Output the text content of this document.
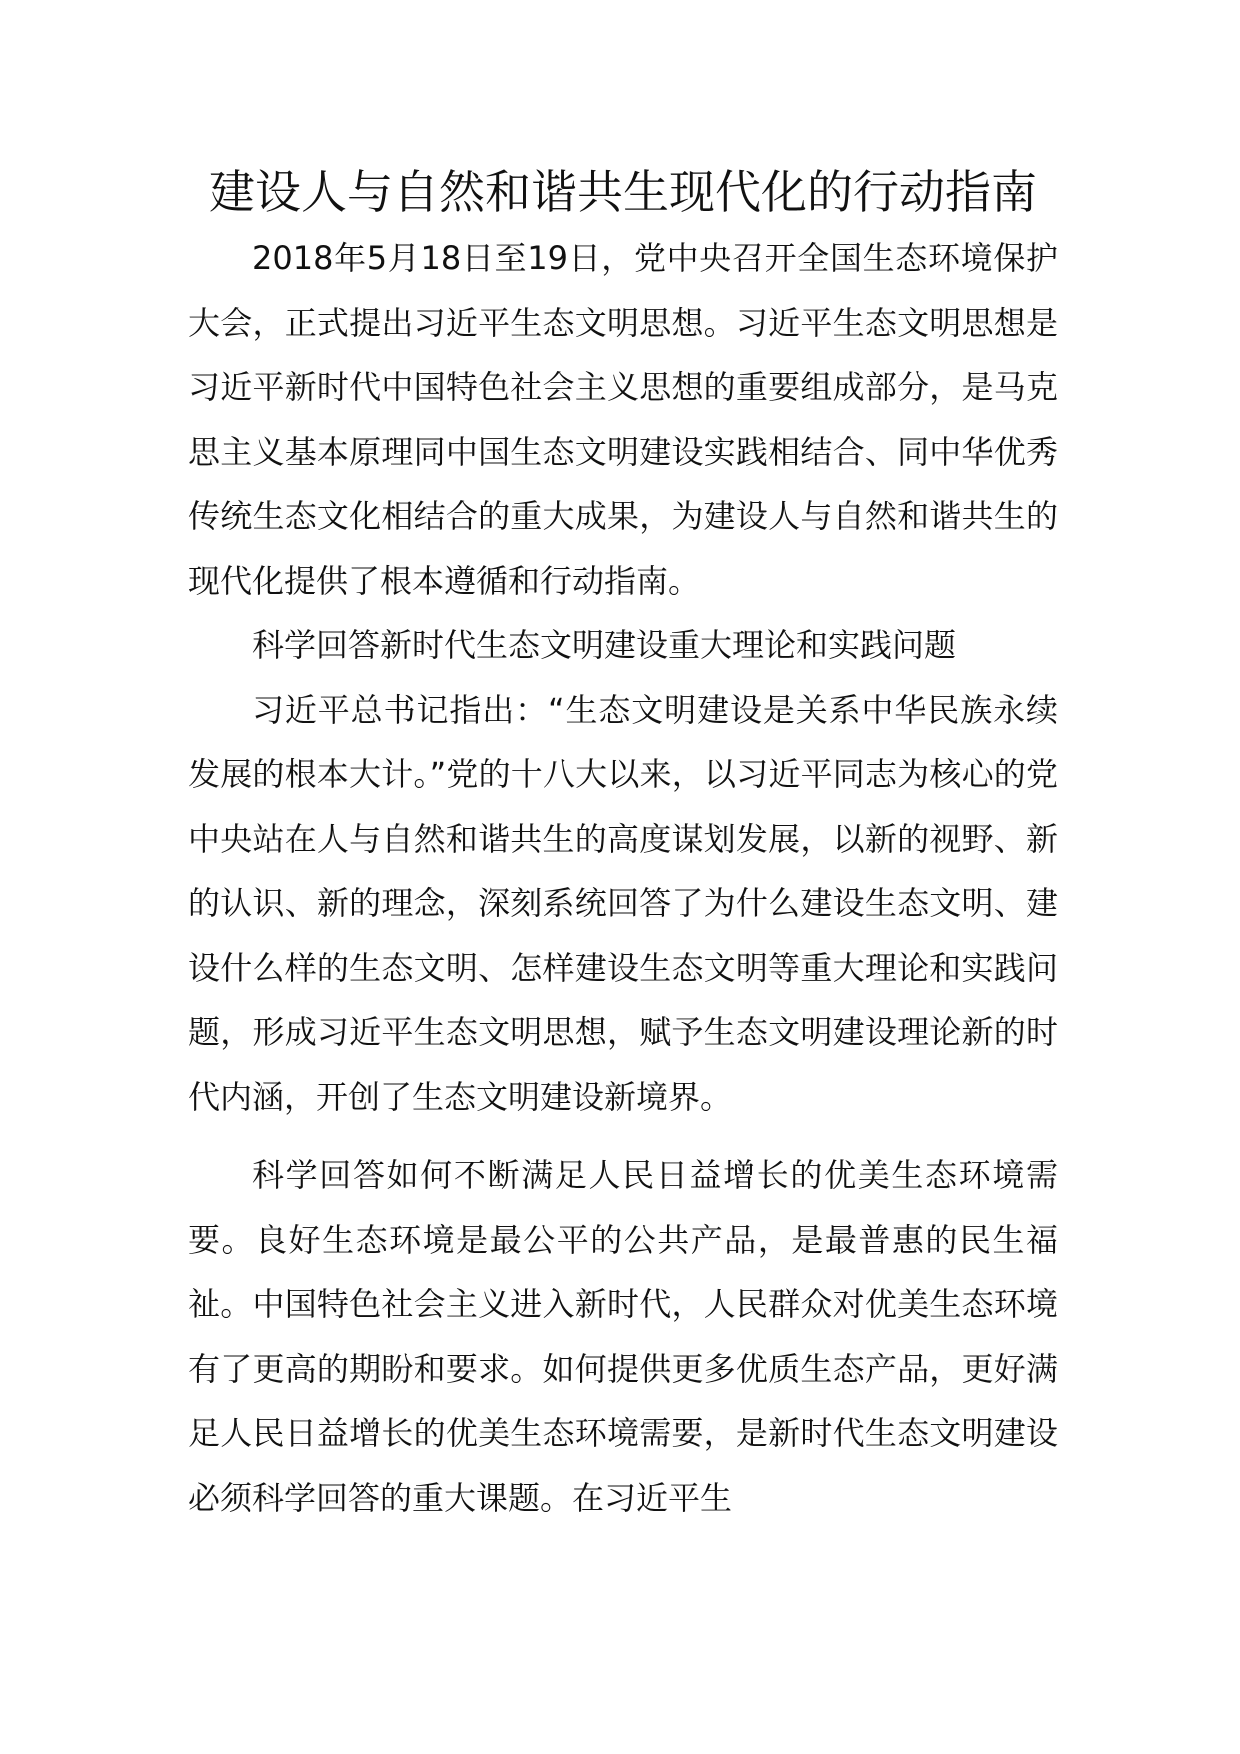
建设人与自然和谐共生现代化的行动指南

2018年5月18日至19日，党中央召开全国生态环境保护大会，正式提出习近平生态文明思想。习近平生态文明思想是习近平新时代中国特色社会主义思想的重要组成部分，是马克思主义基本原理同中国生态文明建设实践相结合、同中华优秀传统生态文化相结合的重大成果，为建设人与自然和谐共生的现代化提供了根本遵循和行动指南。

科学回答新时代生态文明建设重大理论和实践问题

习近平总书记指出：“生态文明建设是关系中华民族永续发展的根本大计。”党的十八大以来，以习近平同志为核心的党中央站在人与自然和谐共生的高度谋划发展，以新的视野、新的认识、新的理念，深刻系统回答了为什么建设生态文明、建设什么样的生态文明、怎样建设生态文明等重大理论和实践问题，形成习近平生态文明思想，赋予生态文明建设理论新的时代内涵，开创了生态文明建设新境界。

科学回答如何不断满足人民日益增长的优美生态环境需要。良好生态环境是最公平的公共产品，是最普惠的民生福祉。中国特色社会主义进入新时代，人民群众对优美生态环境有了更高的期盼和要求。如何提供更多优质生态产品，更好满足人民日益增长的优美生态环境需要，是新时代生态文明建设必须科学回答的重大课题。在习近平生
